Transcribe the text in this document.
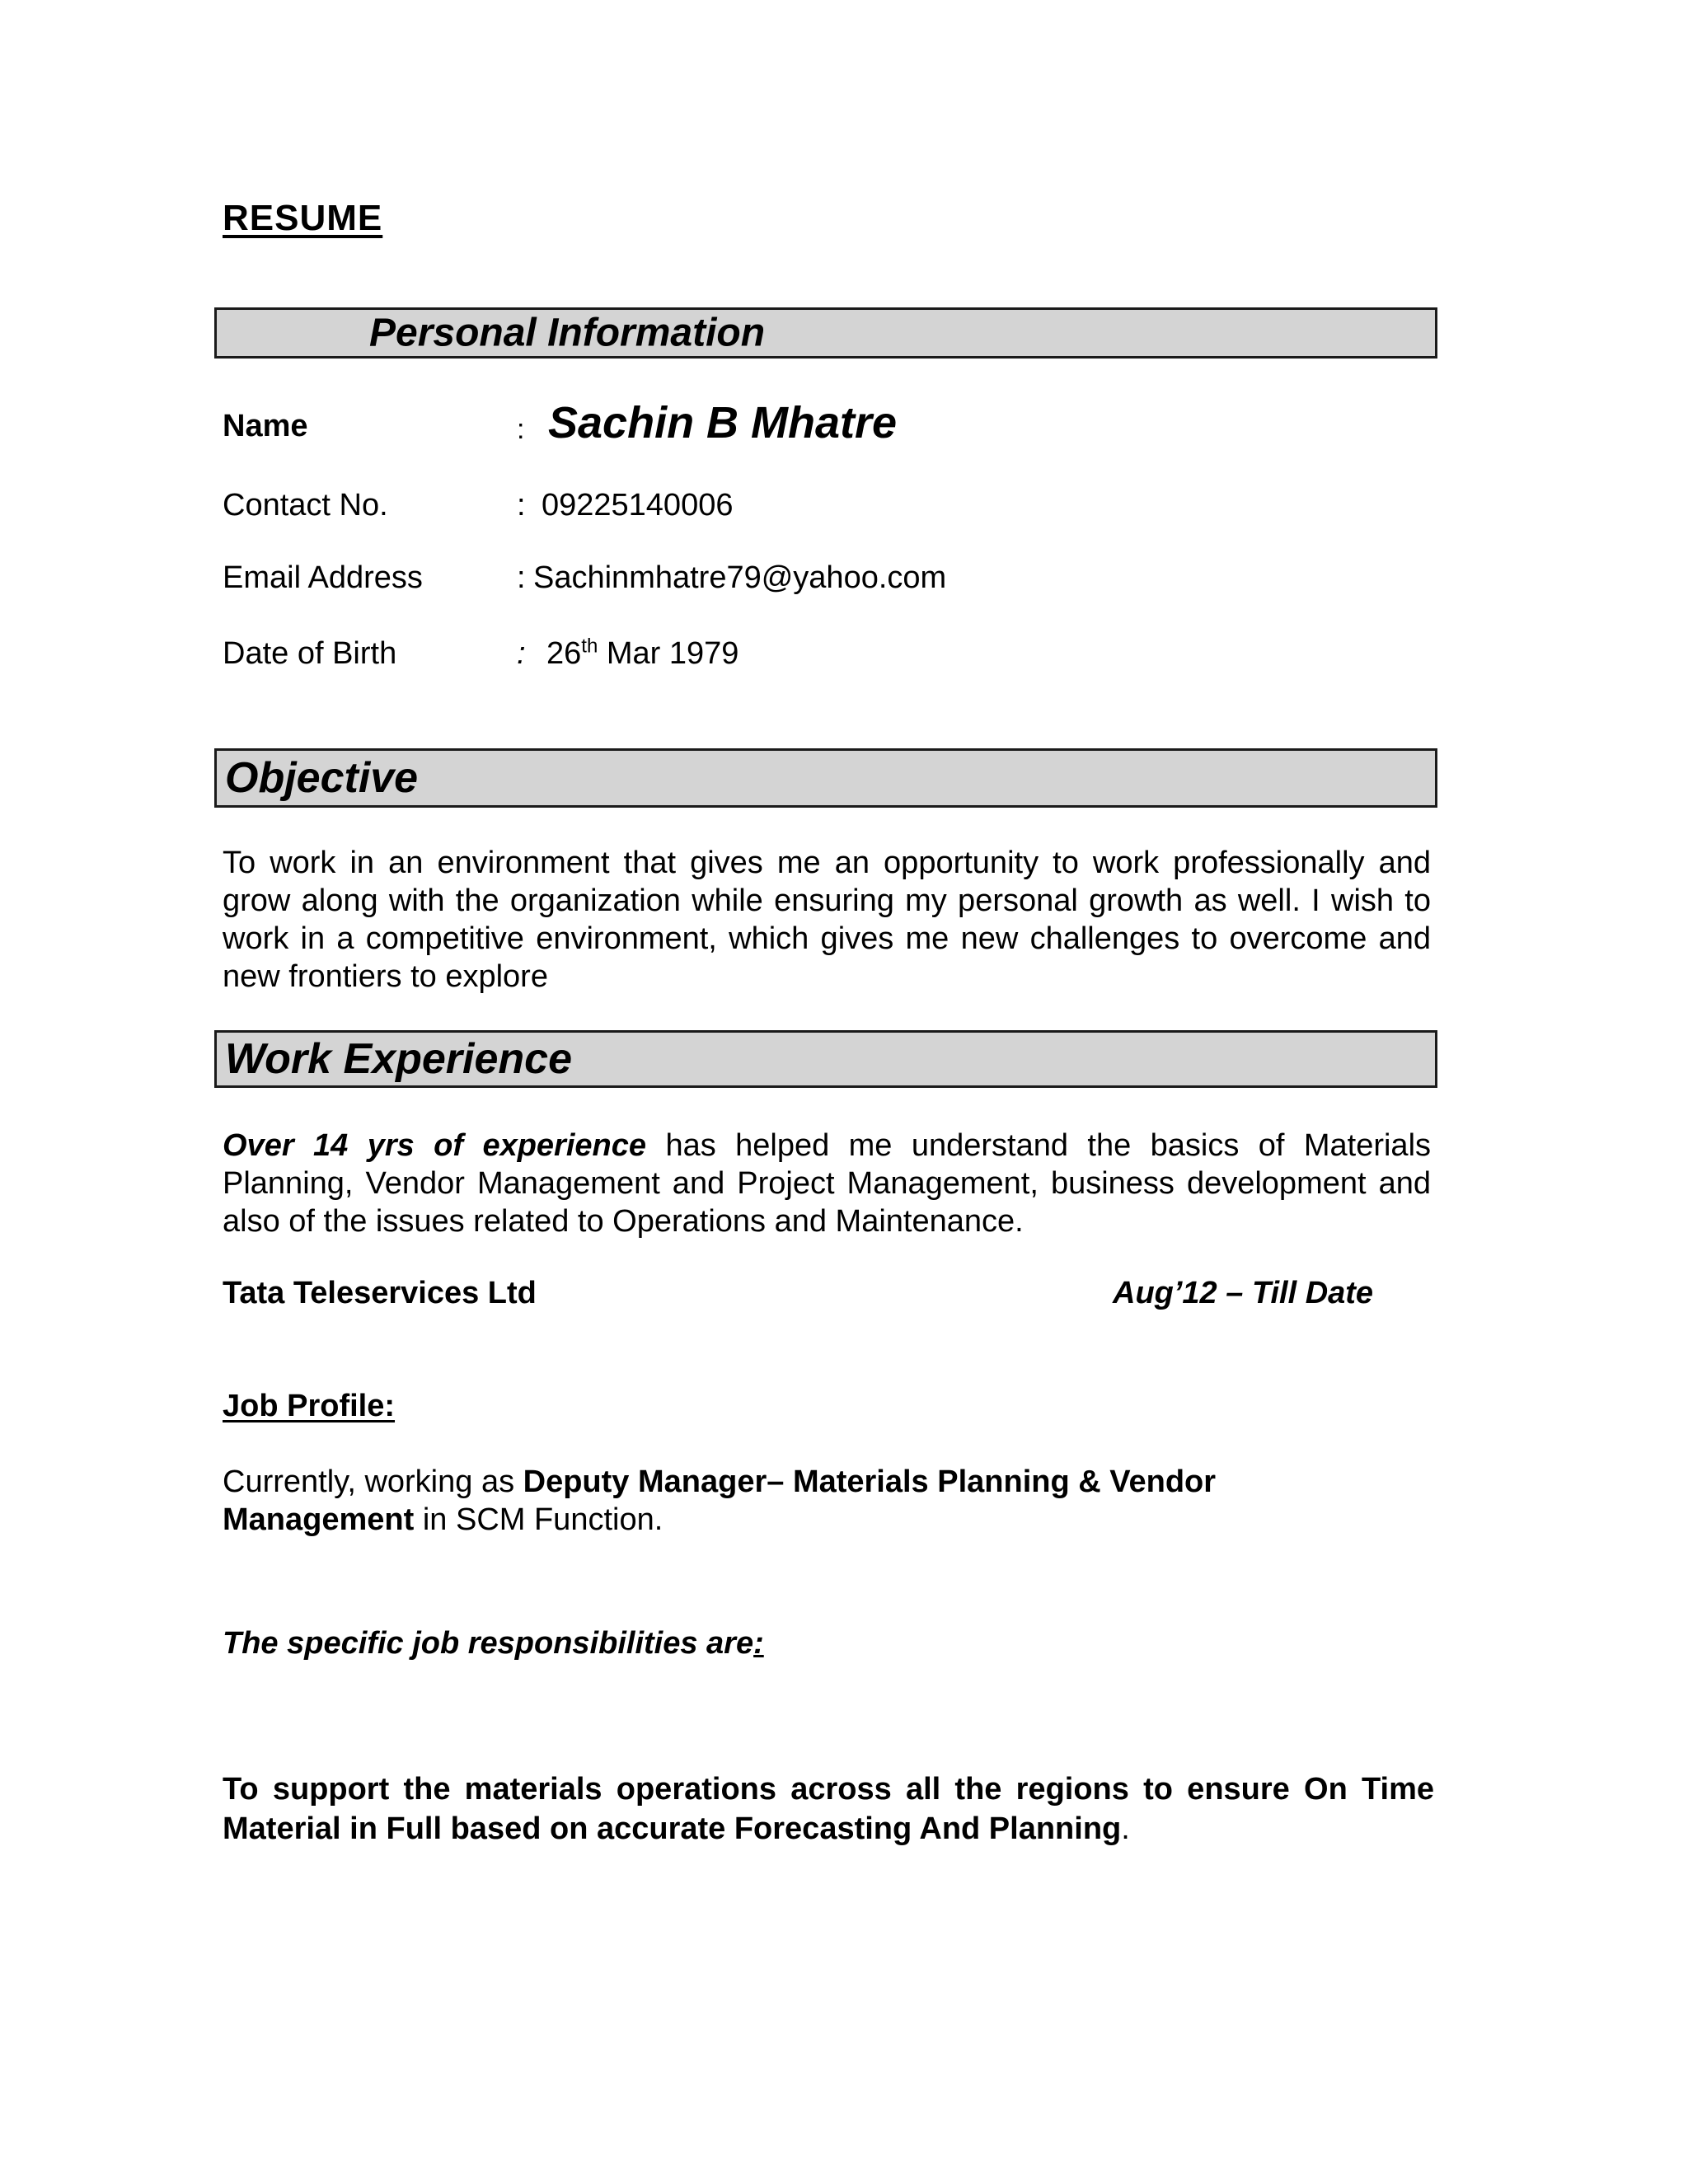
RESUME
Personal Information
Name	: Sachin B Mhatre
Contact No.	: 09225140006
Email Address	: Sachinmhatre79@yahoo.com
Date of Birth	: 26th Mar 1979
Objective
To work in an environment that gives me an opportunity to work professionally and grow along with the organization while ensuring my personal growth as well. I wish to work in a competitive environment, which gives me new challenges to overcome and new frontiers to explore
Work Experience
Over 14 yrs of experience has helped me understand the basics of Materials Planning, Vendor Management and Project Management, business development and also of the issues related to Operations and Maintenance.
Tata Teleservices Ltd	Aug’12 – Till Date
Job Profile:
Currently, working as Deputy Manager– Materials Planning & Vendor Management in SCM Function.
The specific job responsibilities are:
To support the materials operations across all the regions to ensure On Time Material in Full based on accurate Forecasting And Planning.
